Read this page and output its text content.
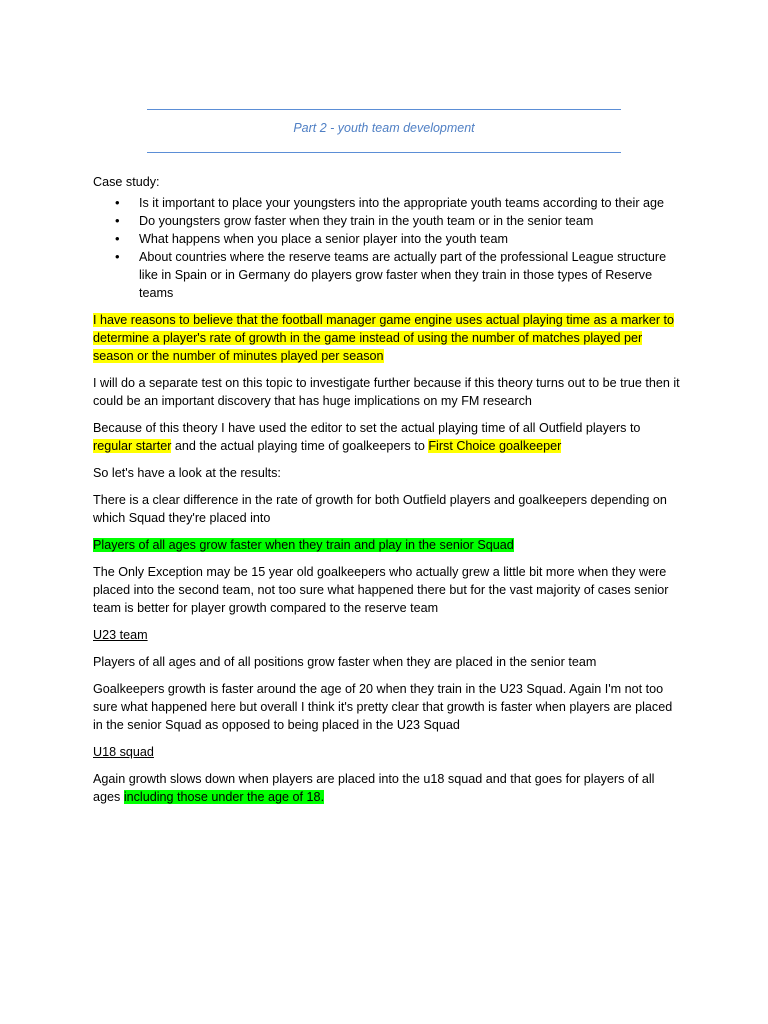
Part 2 - youth team development

Case study:

• Is it important to place your youngsters into the appropriate youth teams according to their age
• Do youngsters grow faster when they train in the youth team or in the senior team
• What happens when you place a senior player into the youth team
• About countries where the reserve teams are actually part of the professional League structure like in Spain or in Germany do players grow faster when they train in those types of Reserve teams

I have reasons to believe that the football manager game engine uses actual playing time as a marker to determine a player's rate of growth in the game instead of using the number of matches played per season or the number of minutes played per season

I will do a separate test on this topic to investigate further because if this theory turns out to be true then it could be an important discovery that has huge implications on my FM research

Because of this theory I have used the editor to set the actual playing time of all Outfield players to regular starter and the actual playing time of goalkeepers to First Choice goalkeeper

So let's have a look at the results:

There is a clear difference in the rate of growth for both Outfield players and goalkeepers depending on which Squad they're placed into

Players of all ages grow faster when they train and play in the senior Squad

The Only Exception may be 15 year old goalkeepers who actually grew a little bit more when they were placed into the second team, not too sure what happened there but for the vast majority of cases senior team is better for player growth compared to the reserve team

U23 team

Players of all ages and of all positions grow faster when they are placed in the senior team

Goalkeepers growth is faster around the age of 20 when they train in the U23 Squad. Again I'm not too sure what happened here but overall I think it's pretty clear that growth is faster when players are placed in the senior Squad as opposed to being placed in the U23 Squad

U18 squad

Again growth slows down when players are placed into the u18 squad and that goes for players of all ages including those under the age of 18.
